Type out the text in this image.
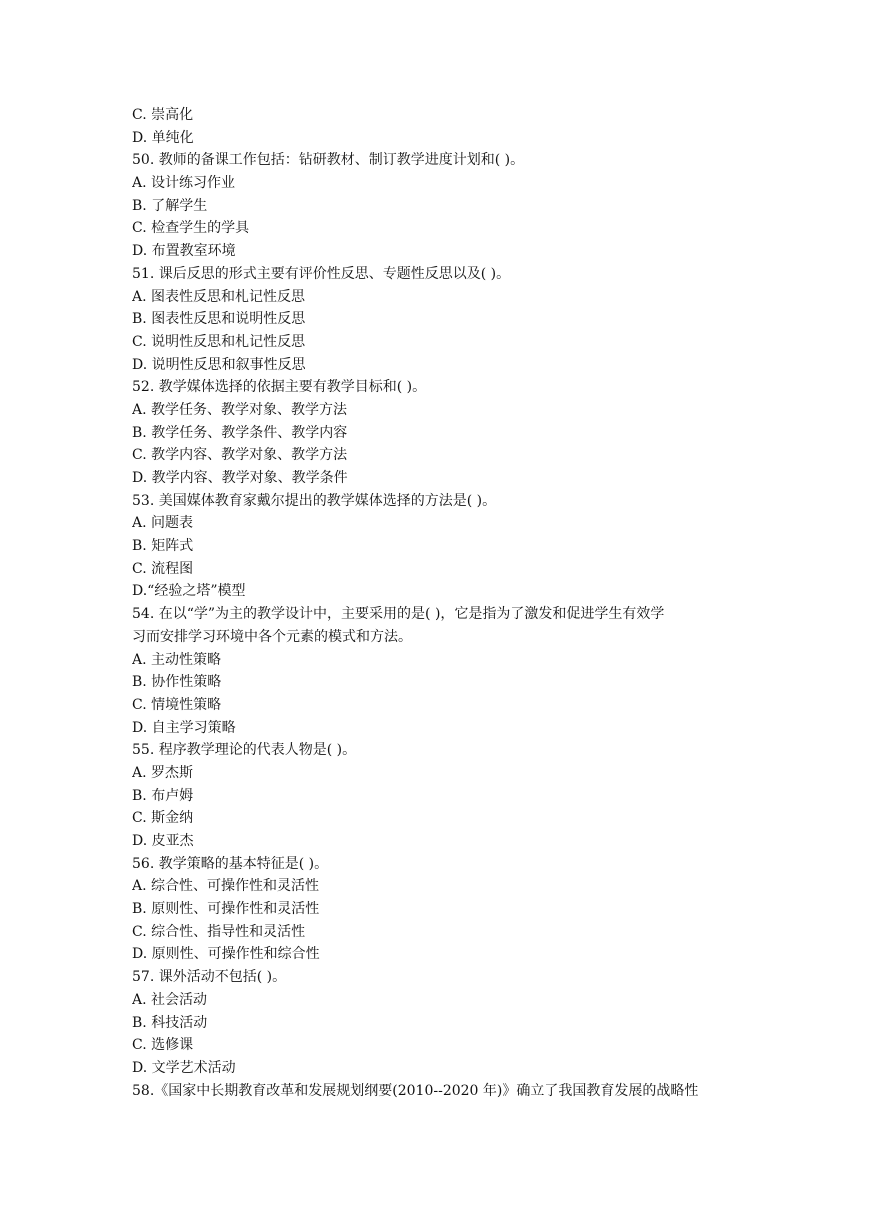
C. 崇高化
D. 单纯化
50. 教师的备课工作包括：钻研教材、制订教学进度计划和( )。
A. 设计练习作业
B. 了解学生
C. 检查学生的学具
D. 布置教室环境
51. 课后反思的形式主要有评价性反思、专题性反思以及( )。
A. 图表性反思和札记性反思
B. 图表性反思和说明性反思
C. 说明性反思和札记性反思
D. 说明性反思和叙事性反思
52. 教学媒体选择的依据主要有教学目标和( )。
A. 教学任务、教学对象、教学方法
B. 教学任务、教学条件、教学内容
C. 教学内容、教学对象、教学方法
D. 教学内容、教学对象、教学条件
53. 美国媒体教育家戴尔提出的教学媒体选择的方法是( )。
A. 问题表
B. 矩阵式
C. 流程图
D.“经验之塔”模型
54. 在以“学”为主的教学设计中，主要采用的是( )，它是指为了激发和促进学生有效学
习而安排学习环境中各个元素的模式和方法。
A. 主动性策略
B. 协作性策略
C. 情境性策略
D. 自主学习策略
55. 程序教学理论的代表人物是( )。
A. 罗杰斯
B. 布卢姆
C. 斯金纳
D. 皮亚杰
56. 教学策略的基本特征是( )。
A. 综合性、可操作性和灵活性
B. 原则性、可操作性和灵活性
C. 综合性、指导性和灵活性
D. 原则性、可操作性和综合性
57. 课外活动不包括( )。
A. 社会活动
B. 科技活动
C. 选修课
D. 文学艺术活动
58.《国家中长期教育改革和发展规划纲要(2010--2020 年)》确立了我国教育发展的战略性
